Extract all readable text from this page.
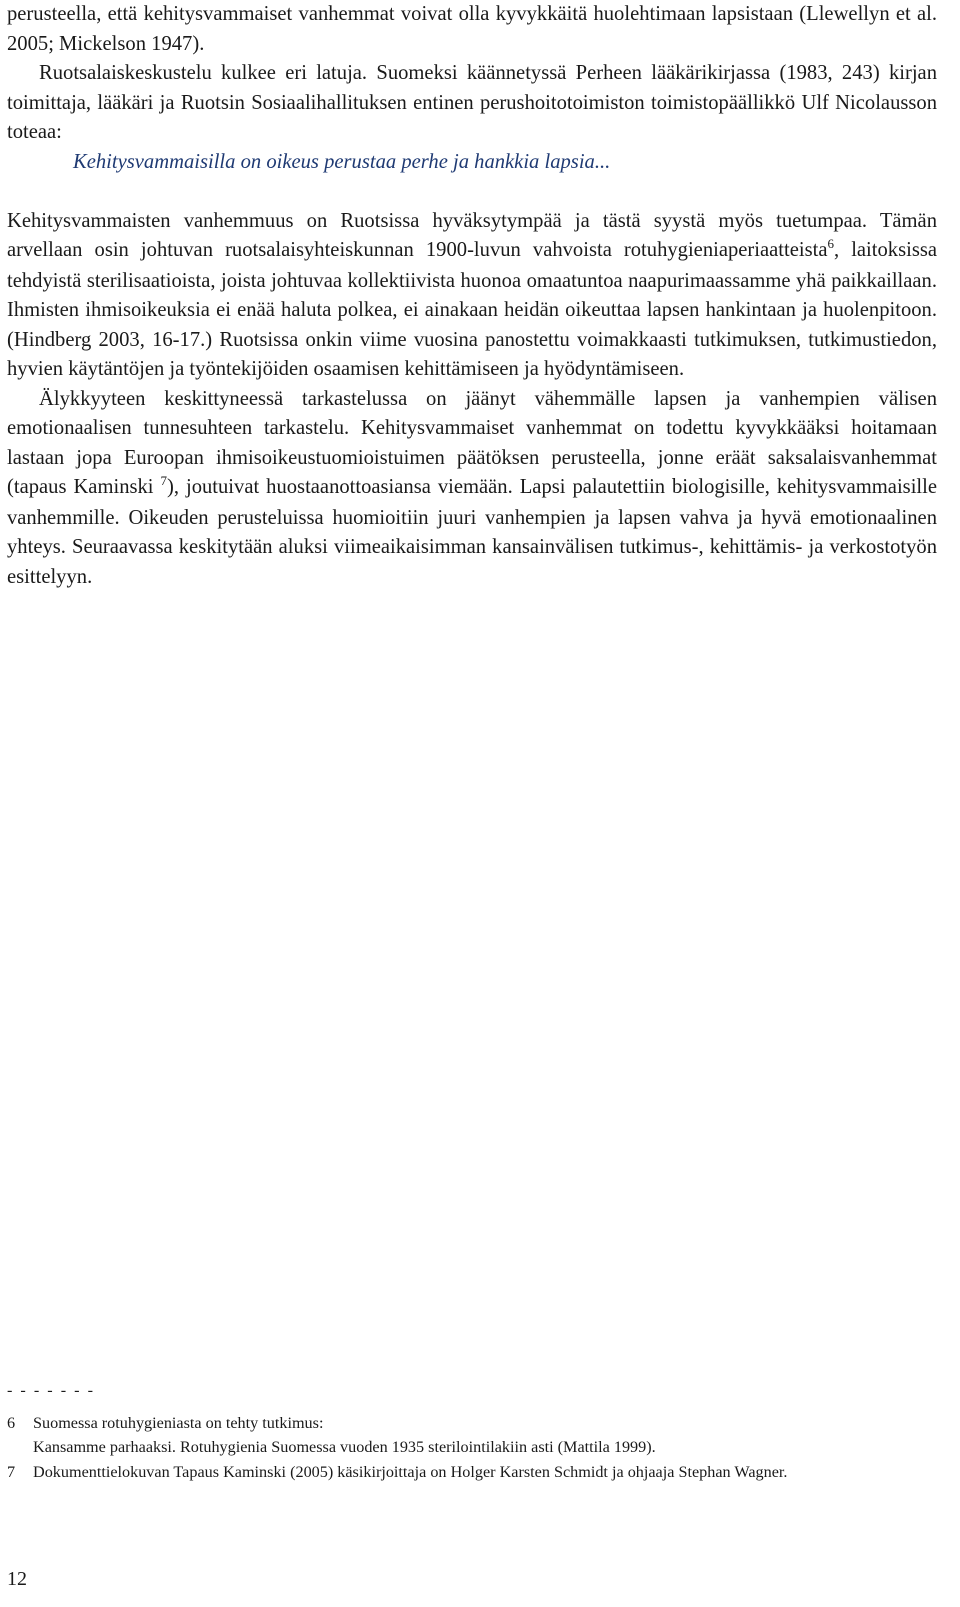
perusteella, että kehitysvammaiset vanhemmat voivat olla kyvykkäitä huolehtimaan lapsistaan (Llewellyn et al. 2005; Mickelson 1947).

Ruotsalaiskeskustelu kulkee eri latuja. Suomeksi käännetyssä Perheen lääkärikirjassa (1983, 243) kirjan toimittaja, lääkäri ja Ruotsin Sosiaalihallituksen entinen perushoitotoimiston toimistopäällikkö Ulf Nicolausson toteaa:
Kehitysvammaisilla on oikeus perustaa perhe ja hankkia lapsia...

Kehitysvammaisten vanhemmuus on Ruotsissa hyväksytympää ja tästä syystä myös tuetumpaa. Tämän arvellaan osin johtuvan ruotsalaisyhteiskunnan 1900-luvun vahvoista rotuhygieniaperiaatteista$^6$, laitoksissa tehdyistä sterilisaatioista, joista johtuvaa kollektiivista huonoa omaatuntoa naapurimaassamme yhä paikkaillaan. Ihmisten ihmisoikeuksia ei enää haluta polkea, ei ainakaan heidän oikeuttaa lapsen hankintaan ja huolenpitoon. (Hindberg 2003, 16-17.) Ruotsissa onkin viime vuosina panostettu voimakkaasti tutkimuksen, tutkimustiedon, hyvien käytäntöjen ja työntekijöiden osaamisen kehittämiseen ja hyödyntämiseen.

Älykkyyteen keskittyneessä tarkastelussa on jäänyt vähemmälle lapsen ja vanhempien välisen emotionaalisen tunnesuhteen tarkastelu. Kehitysvammaiset vanhemmat on todettu kyvykkääksi hoitamaan lastaan jopa Euroopan ihmisoikeustuomioistuimen päätöksen perusteella, jonne eräät saksalaisvanhemmat (tapaus Kaminski $^7$), joutuivat huostaanottoasiansa viemään. Lapsi palautettiin biologisille, kehitysvammaisille vanhemmille. Oikeuden perusteluissa huomioitiin juuri vanhempien ja lapsen vahva ja hyvä emotionaalinen yhteys. Seuraavassa keskitytään aluksi viimeaikaisimman kansainvälisen tutkimus-, kehittämis- ja verkostotyön esittelyyn.

- - - - - - -
6	Suomessa rotuhygieniasta on tehty tutkimus:
Kansamme parhaaksi. Rotuhygienia Suomessa vuoden 1935 sterilointilakiin asti (Mattila 1999).
7	Dokumenttielokuvan Tapaus Kaminski (2005) käsikirjoittaja on Holger Karsten Schmidt ja ohjaaja Stephan Wagner.
12
